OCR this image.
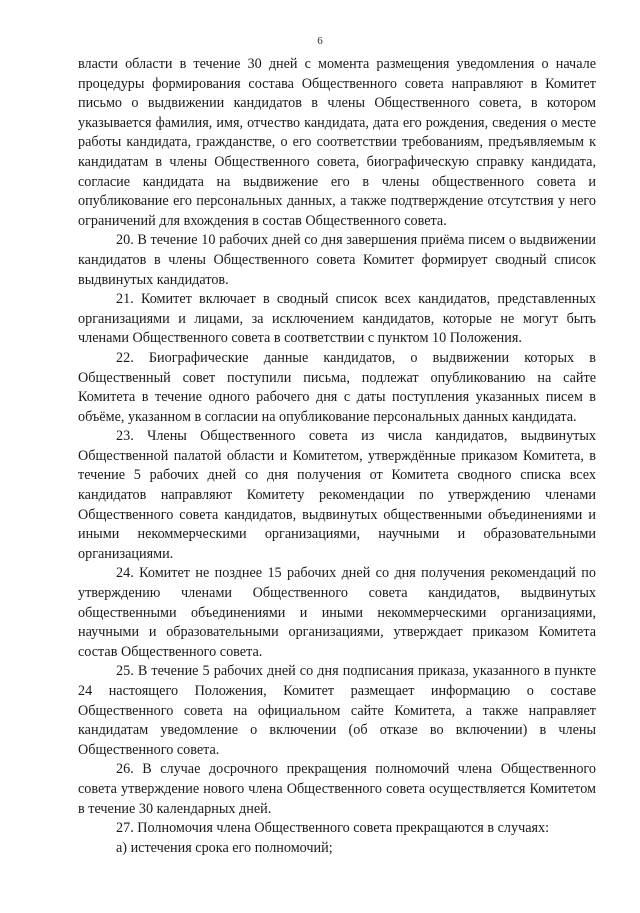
6

власти области в течение 30 дней с момента размещения уведомления о начале процедуры формирования состава Общественного совета направляют в Комитет письмо о выдвижении кандидатов в члены Общественного совета, в котором указывается фамилия, имя, отчество кандидата, дата его рождения, сведения о месте работы кандидата, гражданстве, о его соответствии требованиям, предъявляемым к кандидатам в члены Общественного совета, биографическую справку кандидата, согласие кандидата на выдвижение его в члены общественного совета и опубликование его персональных данных, а также подтверждение отсутствия у него ограничений для вхождения в состав Общественного совета.

20. В течение 10 рабочих дней со дня завершения приёма писем о выдвижении кандидатов в члены Общественного совета Комитет формирует сводный список выдвинутых кандидатов.

21. Комитет включает в сводный список всех кандидатов, представленных организациями и лицами, за исключением кандидатов, которые не могут быть членами Общественного совета в соответствии с пунктом 10 Положения.

22. Биографические данные кандидатов, о выдвижении которых в Общественный совет поступили письма, подлежат опубликованию на сайте Комитета в течение одного рабочего дня с даты поступления указанных писем в объёме, указанном в согласии на опубликование персональных данных кандидата.

23. Члены Общественного совета из числа кандидатов, выдвинутых Общественной палатой области и Комитетом, утверждённые приказом Комитета, в течение 5 рабочих дней со дня получения от Комитета сводного списка всех кандидатов направляют Комитету рекомендации по утверждению членами Общественного совета кандидатов, выдвинутых общественными объединениями и иными некоммерческими организациями, научными и образовательными организациями.

24. Комитет не позднее 15 рабочих дней со дня получения рекомендаций по утверждению членами Общественного совета кандидатов, выдвинутых общественными объединениями и иными некоммерческими организациями, научными и образовательными организациями, утверждает приказом Комитета состав Общественного совета.

25. В течение 5 рабочих дней со дня подписания приказа, указанного в пункте 24 настоящего Положения, Комитет размещает информацию о составе Общественного совета на официальном сайте Комитета, а также направляет кандидатам уведомление о включении (об отказе во включении) в члены Общественного совета.

26. В случае досрочного прекращения полномочий члена Общественного совета утверждение нового члена Общественного совета осуществляется Комитетом в течение 30 календарных дней.

27. Полномочия члена Общественного совета прекращаются в случаях:

а) истечения срока его полномочий;
